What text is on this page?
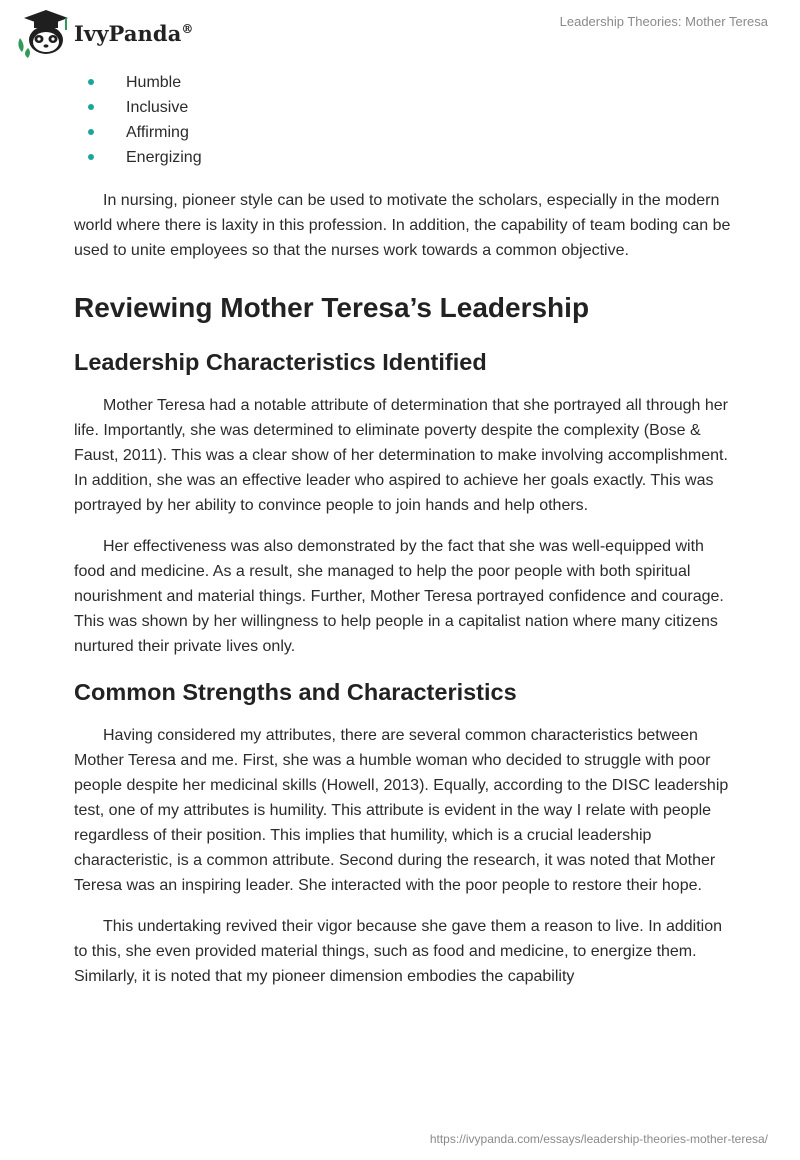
IvyPanda®	Leadership Theories: Mother Teresa
Humble
Inclusive
Affirming
Energizing

In nursing, pioneer style can be used to motivate the scholars, especially in the modern world where there is laxity in this profession. In addition, the capability of team boding can be used to unite employees so that the nurses work towards a common objective.

Reviewing Mother Teresa’s Leadership
Leadership Characteristics Identified

Mother Teresa had a notable attribute of determination that she portrayed all through her life. Importantly, she was determined to eliminate poverty despite the complexity (Bose & Faust, 2011). This was a clear show of her determination to make involving accomplishment. In addition, she was an effective leader who aspired to achieve her goals exactly. This was portrayed by her ability to convince people to join hands and help others.

Her effectiveness was also demonstrated by the fact that she was well-equipped with food and medicine. As a result, she managed to help the poor people with both spiritual nourishment and material things. Further, Mother Teresa portrayed confidence and courage. This was shown by her willingness to help people in a capitalist nation where many citizens nurtured their private lives only.

Common Strengths and Characteristics

Having considered my attributes, there are several common characteristics between Mother Teresa and me. First, she was a humble woman who decided to struggle with poor people despite her medicinal skills (Howell, 2013). Equally, according to the DISC leadership test, one of my attributes is humility. This attribute is evident in the way I relate with people regardless of their position. This implies that humility, which is a crucial leadership characteristic, is a common attribute. Second during the research, it was noted that Mother Teresa was an inspiring leader. She interacted with the poor people to restore their hope.

This undertaking revived their vigor because she gave them a reason to live. In addition to this, she even provided material things, such as food and medicine, to energize them. Similarly, it is noted that my pioneer dimension embodies the capability

https://ivypanda.com/essays/leadership-theories-mother-teresa/
